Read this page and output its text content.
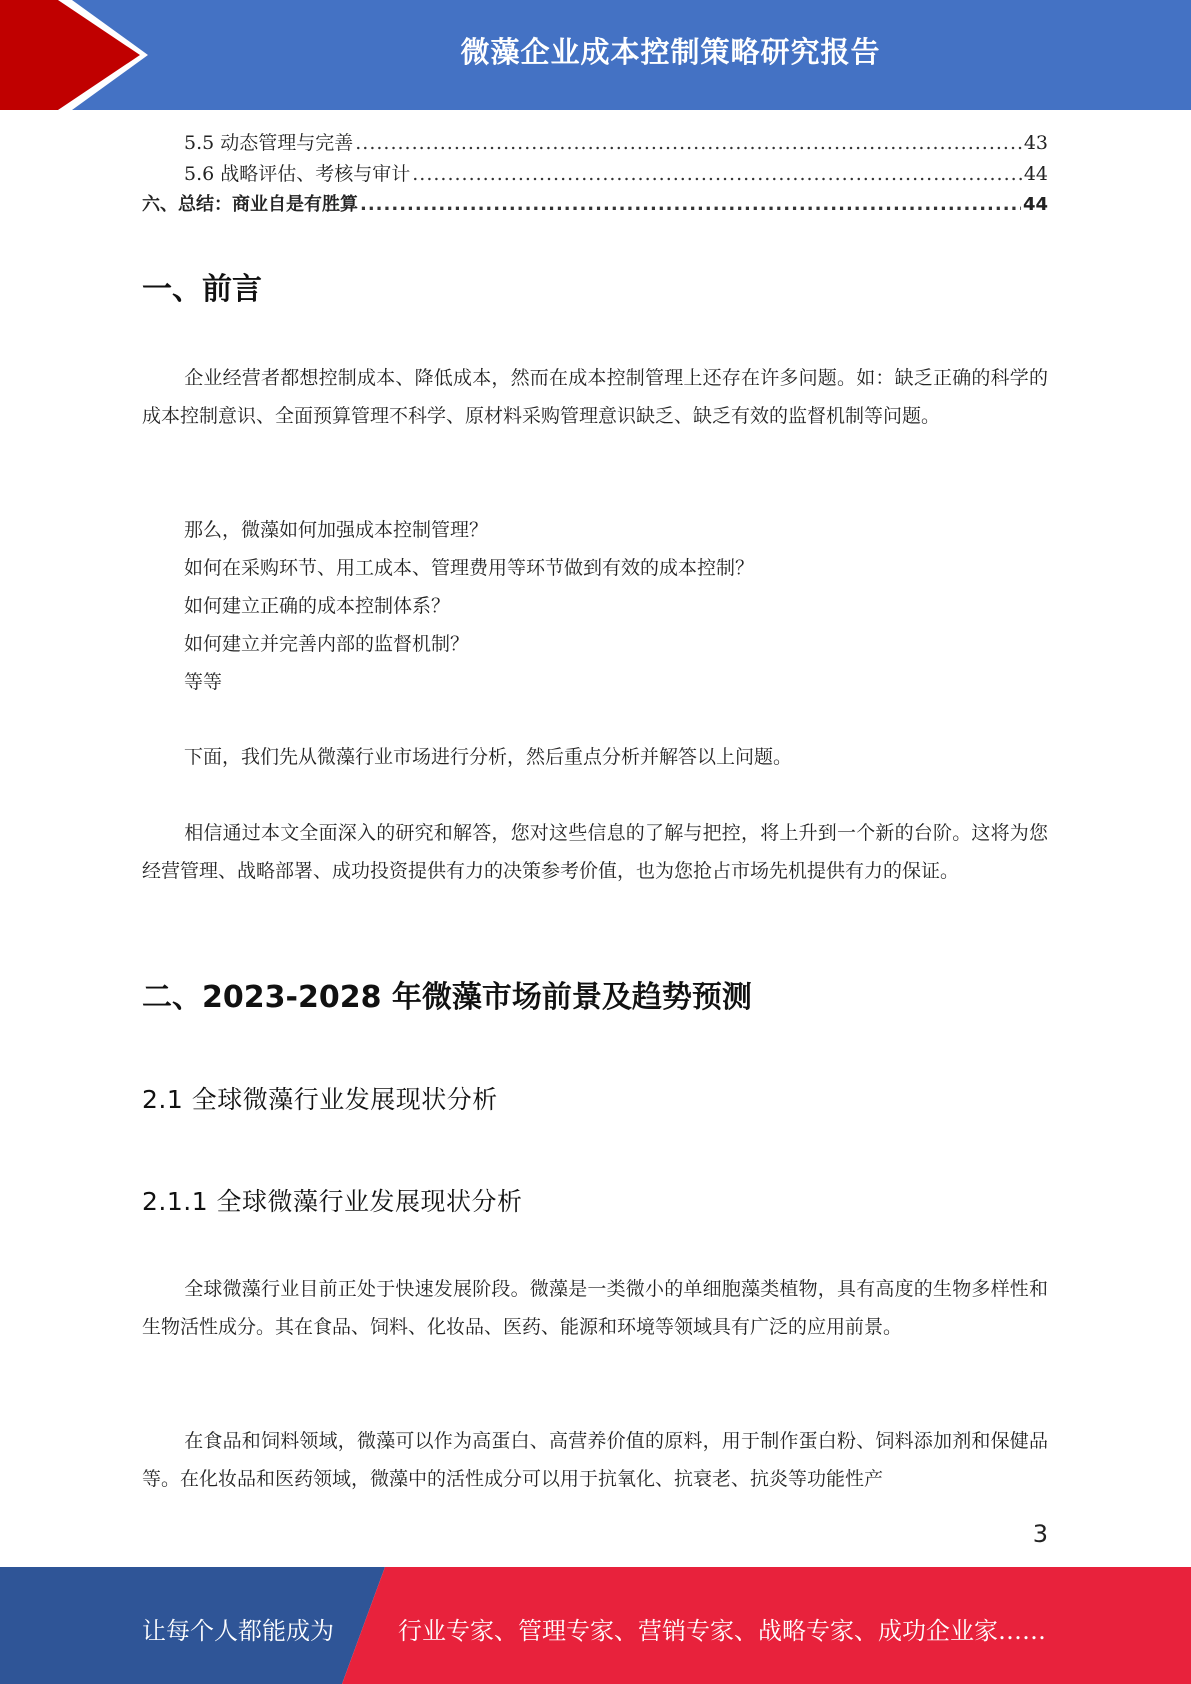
微藻企业成本控制策略研究报告
5.5 动态管理与完善 .....	43
5.6 战略评估、考核与审计 .....	44
六、总结：商业自是有胜算 .....	44
一、前言
企业经营者都想控制成本、降低成本，然而在成本控制管理上还存在许多问题。如：缺乏正确的科学的成本控制意识、全面预算管理不科学、原材料采购管理意识缺乏、缺乏有效的监督机制等问题。
那么，微藻如何加强成本控制管理？
如何在采购环节、用工成本、管理费用等环节做到有效的成本控制？
如何建立正确的成本控制体系？
如何建立并完善内部的监督机制？
等等
下面，我们先从微藻行业市场进行分析，然后重点分析并解答以上问题。
相信通过本文全面深入的研究和解答，您对这些信息的了解与把控，将上升到一个新的台阶。这将为您经营管理、战略部署、成功投资提供有力的决策参考价值，也为您抢占市场先机提供有力的保证。
二、2023-2028 年微藻市场前景及趋势预测
2.1 全球微藻行业发展现状分析
2.1.1 全球微藻行业发展现状分析
全球微藻行业目前正处于快速发展阶段。微藻是一类微小的单细胞藻类植物，具有高度的生物多样性和生物活性成分。其在食品、饲料、化妆品、医药、能源和环境等领域具有广泛的应用前景。
在食品和饲料领域，微藻可以作为高蛋白、高营养价值的原料，用于制作蛋白粉、饲料添加剂和保健品等。在化妆品和医药领域，微藻中的活性成分可以用于抗氧化、抗衰老、抗炎等功能性产
3
让每个人都能成为	行业专家、管理专家、营销专家、战略专家、成功企业家……
